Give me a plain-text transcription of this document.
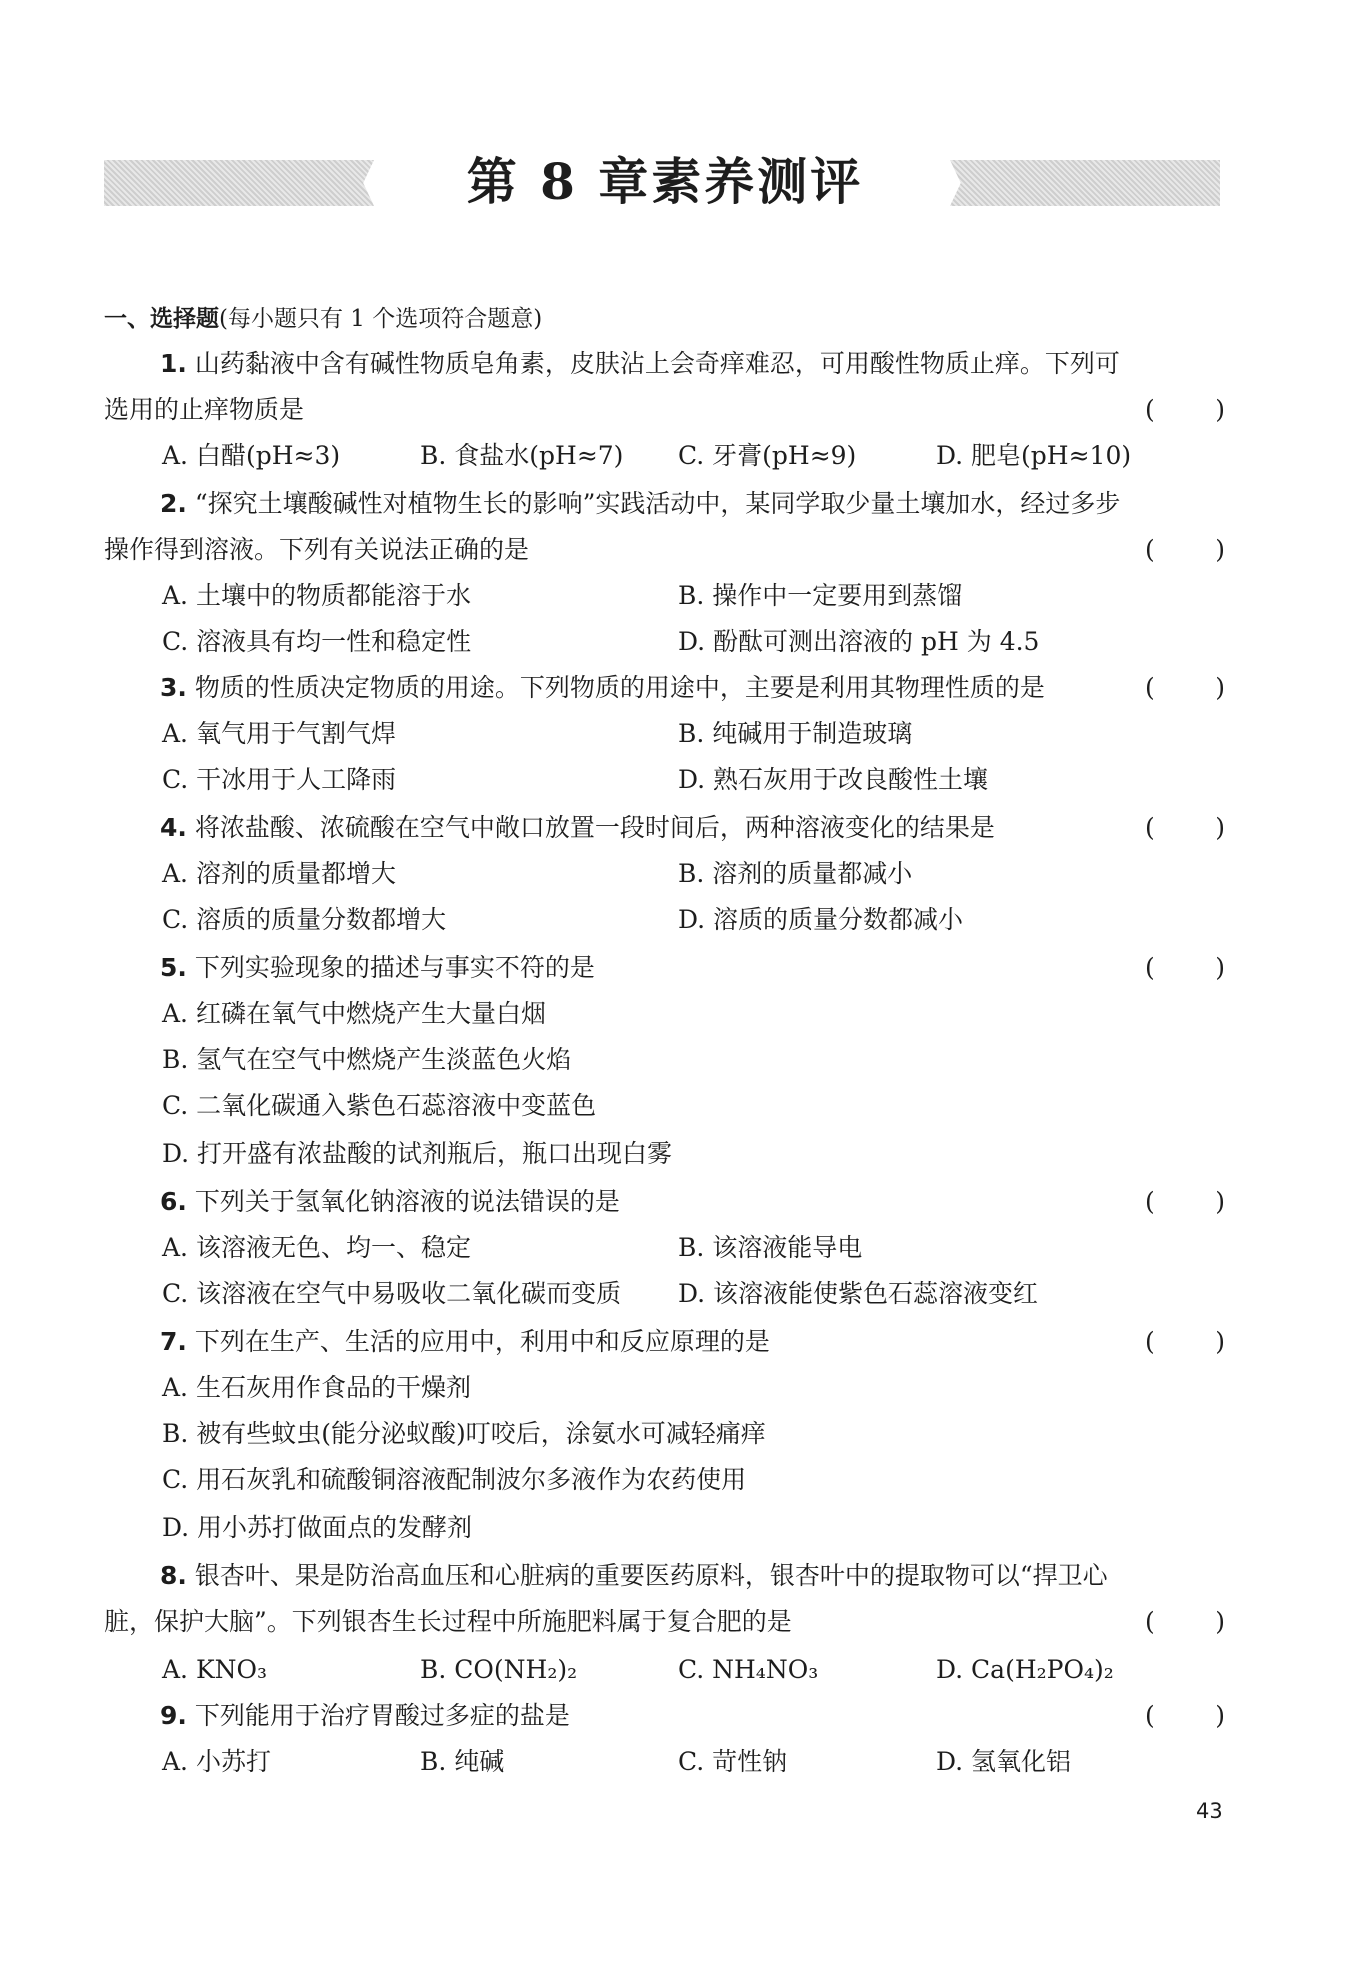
第 8 章素养测评
一、选择题(每小题只有 1 个选项符合题意)
1. 山药黏液中含有碱性物质皂角素，皮肤沾上会奇痒难忍，可用酸性物质止痒。下列可
选用的止痒物质是	( )
A. 白醋(pH≈3)	B. 食盐水(pH≈7) C. 牙膏(pH≈9)	D. 肥皂(pH≈10)
2. “探究土壤酸碱性对植物生长的影响”实践活动中，某同学取少量土壤加水，经过多步
操作得到溶液。下列有关说法正确的是	( )
A. 土壤中的物质都能溶于水	B. 操作中一定要用到蒸馏
C. 溶液具有均一性和稳定性	D. 酚酞可测出溶液的 pH 为 4.5
3. 物质的性质决定物质的用途。下列物质的用途中，主要是利用其物理性质的是	( )
A. 氧气用于气割气焊	B. 纯碱用于制造玻璃
C. 干冰用于人工降雨	D. 熟石灰用于改良酸性土壤
4. 将浓盐酸、浓硫酸在空气中敞口放置一段时间后，两种溶液变化的结果是	( )
A. 溶剂的质量都增大	B. 溶剂的质量都减小
C. 溶质的质量分数都增大	D. 溶质的质量分数都减小
5. 下列实验现象的描述与事实不符的是	( )
A. 红磷在氧气中燃烧产生大量白烟
B. 氢气在空气中燃烧产生淡蓝色火焰
C. 二氧化碳通入紫色石蕊溶液中变蓝色
D. 打开盛有浓盐酸的试剂瓶后，瓶口出现白雾
6. 下列关于氢氧化钠溶液的说法错误的是	( )
A. 该溶液无色、均一、稳定	B. 该溶液能导电
C. 该溶液在空气中易吸收二氧化碳而变质 D. 该溶液能使紫色石蕊溶液变红
7. 下列在生产、生活的应用中，利用中和反应原理的是	( )
A. 生石灰用作食品的干燥剂
B. 被有些蚊虫(能分泌蚁酸)叮咬后，涂氨水可减轻痛痒
C. 用石灰乳和硫酸铜溶液配制波尔多液作为农药使用
D. 用小苏打做面点的发酵剂
8. 银杏叶、果是防治高血压和心脏病的重要医药原料，银杏叶中的提取物可以“捍卫心
脏，保护大脑”。下列银杏生长过程中所施肥料属于复合肥的是	( )
A. KNO₃	B. CO(NH₂)₂	C. NH₄NO₃	D. Ca(H₂PO₄)₂
9. 下列能用于治疗胃酸过多症的盐是	( )
A. 小苏打	B. 纯碱	C. 苛性钠	D. 氢氧化铝
43
